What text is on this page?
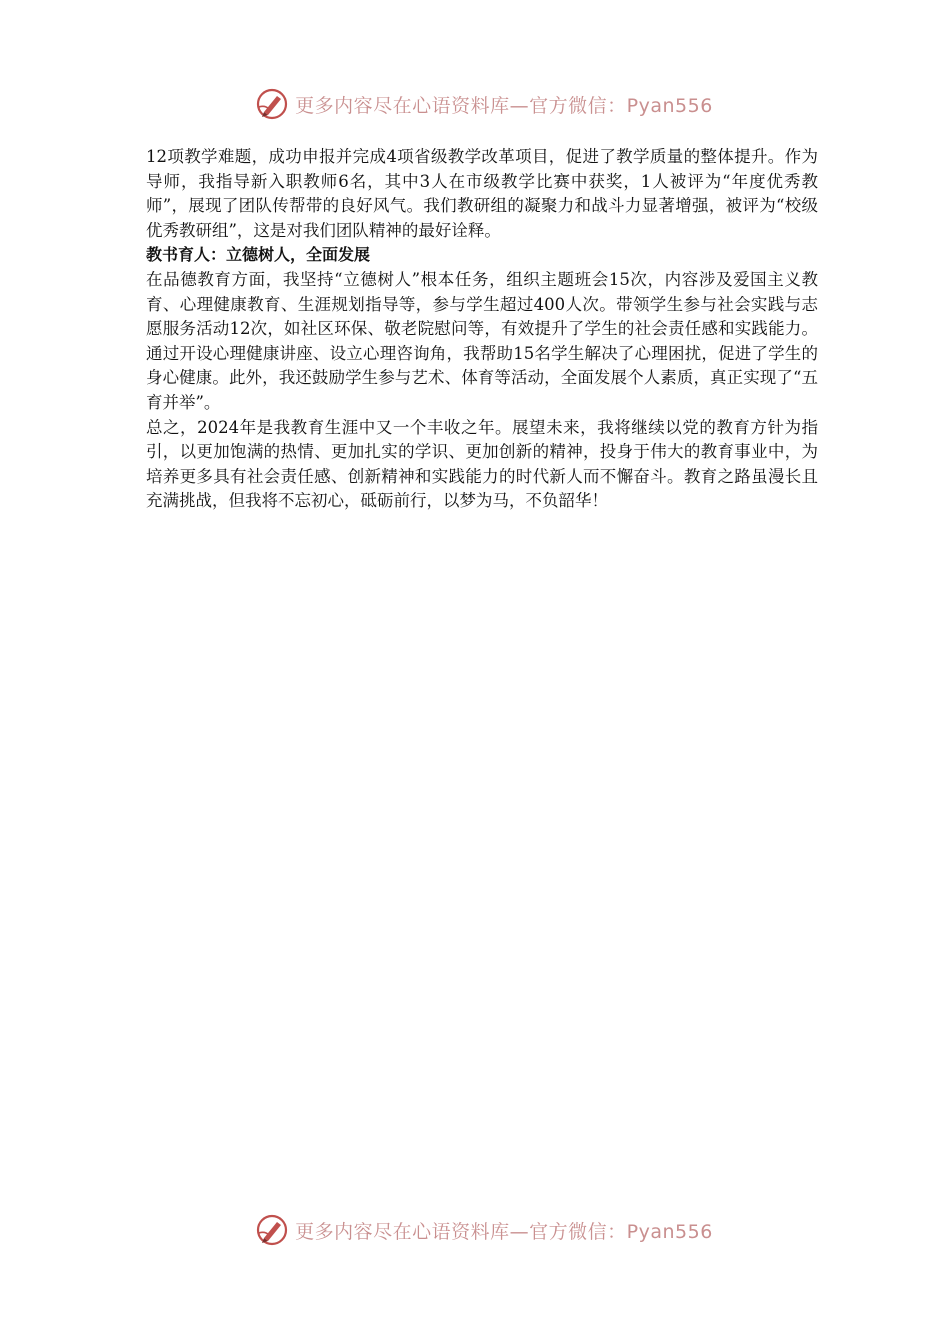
更多内容尽在心语资料库—官方微信：Pyan556

12项教学难题，成功申报并完成4项省级教学改革项目，促进了教学质量的整体提升。作为导师，我指导新入职教师6名，其中3人在市级教学比赛中获奖，1人被评为“年度优秀教师”，展现了团队传帮带的良好风气。我们教研组的凝聚力和战斗力显著增强，被评为“校级优秀教研组”，这是对我们团队精神的最好诠释。

教书育人：立德树人，全面发展

在品德教育方面，我坚持“立德树人”根本任务，组织主题班会15次，内容涉及爱国主义教育、心理健康教育、生涯规划指导等，参与学生超过400人次。带领学生参与社会实践与志愿服务活动12次，如社区环保、敬老院慰问等，有效提升了学生的社会责任感和实践能力。通过开设心理健康讲座、设立心理咨询角，我帮助15名学生解决了心理困扰，促进了学生的身心健康。此外，我还鼓励学生参与艺术、体育等活动，全面发展个人素质，真正实现了“五育并举”。

总之，2024年是我教育生涯中又一个丰收之年。展望未来，我将继续以党的教育方针为指引，以更加饱满的热情、更加扎实的学识、更加创新的精神，投身于伟大的教育事业中，为培养更多具有社会责任感、创新精神和实践能力的时代新人而不懈奋斗。教育之路虽漫长且充满挑战，但我将不忘初心，砥砺前行，以梦为马，不负韶华！

更多内容尽在心语资料库—官方微信：Pyan556
